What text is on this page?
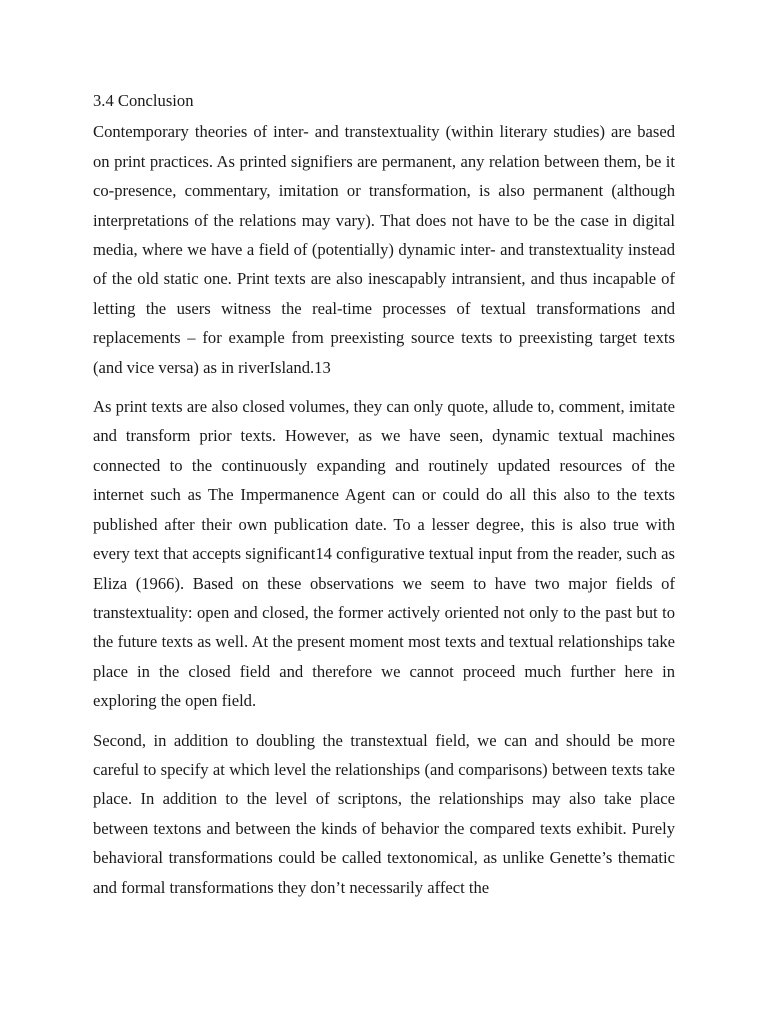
3.4 Conclusion

Contemporary theories of inter- and transtextuality (within literary studies) are based on print practices. As printed signifiers are permanent, any relation between them, be it co-presence, commentary, imitation or transformation, is also permanent (although interpretations of the relations may vary). That does not have to be the case in digital media, where we have a field of (potentially) dynamic inter- and transtextuality instead of the old static one. Print texts are also inescapably intransient, and thus incapable of letting the users witness the real-time processes of textual transformations and replacements – for example from preexisting source texts to preexisting target texts (and vice versa) as in riverIsland.13

As print texts are also closed volumes, they can only quote, allude to, comment, imitate and transform prior texts. However, as we have seen, dynamic textual machines connected to the continuously expanding and routinely updated resources of the internet such as The Impermanence Agent can or could do all this also to the texts published after their own publication date. To a lesser degree, this is also true with every text that accepts significant14 configurative textual input from the reader, such as Eliza (1966). Based on these observations we seem to have two major fields of transtextuality: open and closed, the former actively oriented not only to the past but to the future texts as well. At the present moment most texts and textual relationships take place in the closed field and therefore we cannot proceed much further here in exploring the open field.

Second, in addition to doubling the transtextual field, we can and should be more careful to specify at which level the relationships (and comparisons) between texts take place. In addition to the level of scriptons, the relationships may also take place between textons and between the kinds of behavior the compared texts exhibit. Purely behavioral transformations could be called textonomical, as unlike Genette’s thematic and formal transformations they don’t necessarily affect the
